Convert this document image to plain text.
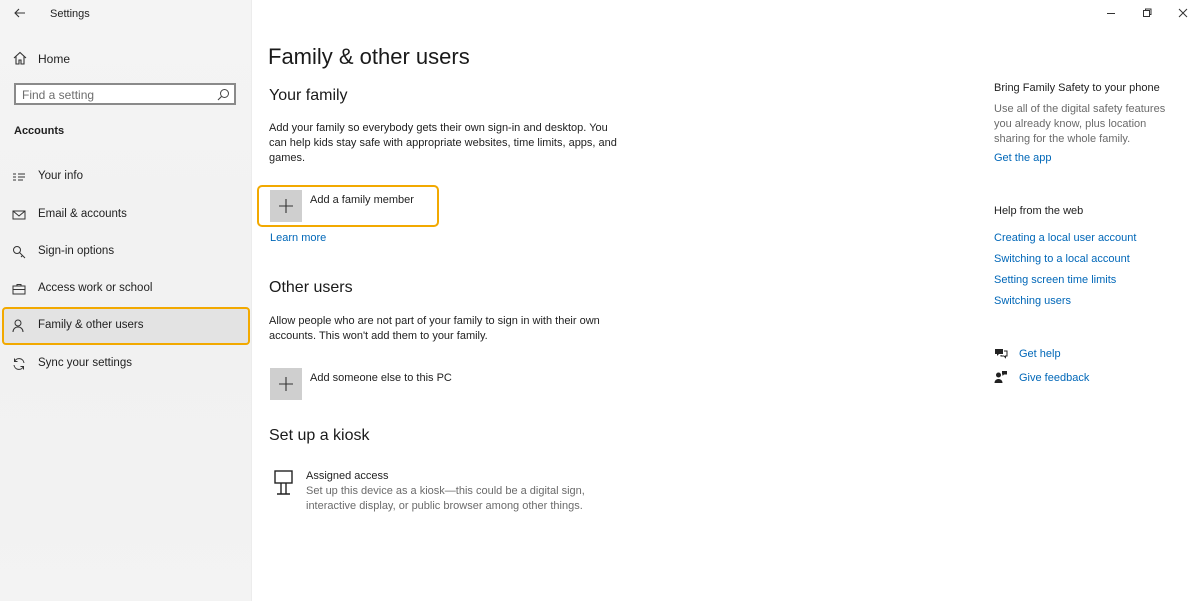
Settings
Home
Find a setting
Accounts
Your info
Email & accounts
Sign-in options
Access work or school
Family & other users
Sync your settings
Family & other users
Your family
Add your family so everybody gets their own sign-in and desktop. You
can help kids stay safe with appropriate websites, time limits, apps, and
games.
Add a family member
Learn more
Other users
Allow people who are not part of your family to sign in with their own
accounts. This won't add them to your family.
Add someone else to this PC
Set up a kiosk
Assigned access
Set up this device as a kiosk—this could be a digital sign,
interactive display, or public browser among other things.
Bring Family Safety to your phone
Use all of the digital safety features
you already know, plus location
sharing for the whole family.
Get the app
Help from the web
Creating a local user account
Switching to a local account
Setting screen time limits
Switching users
Get help
Give feedback
